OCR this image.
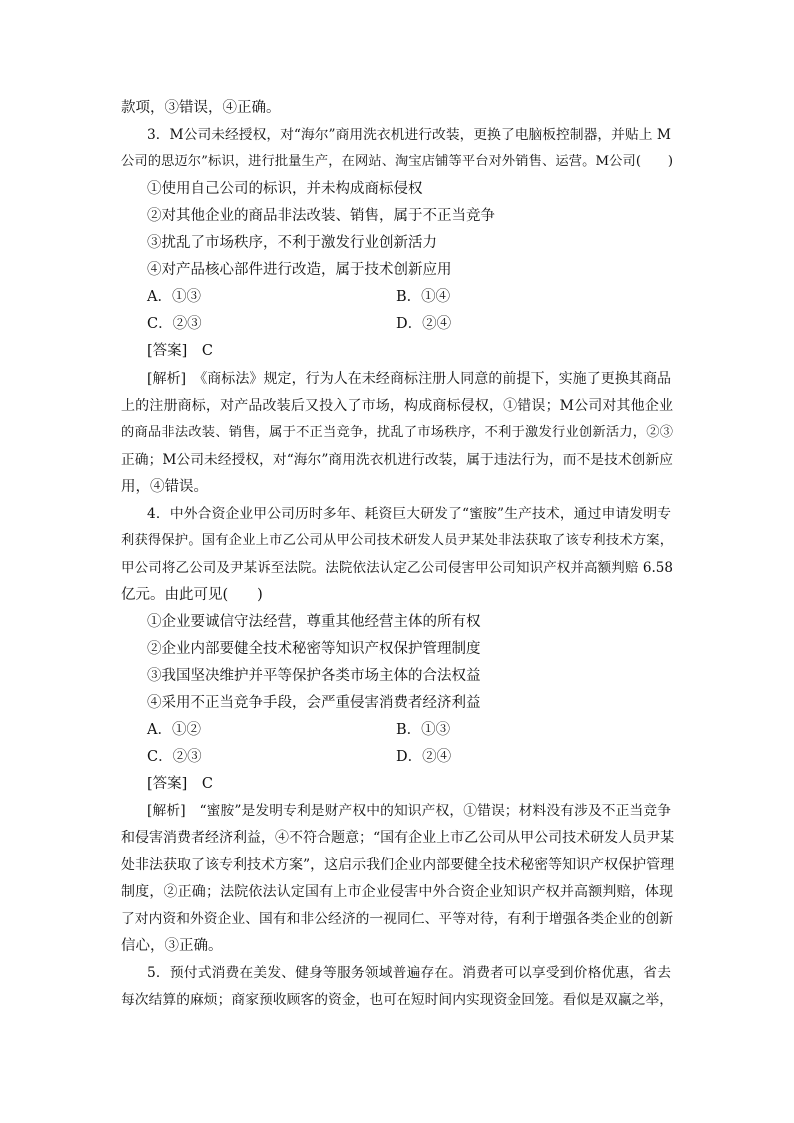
款项，③错误，④正确。
3．M公司未经授权，对“海尔”商用洗衣机进行改装，更换了电脑板控制器，并贴上 M
公司的思迈尔”标识，进行批量生产，在网站、淘宝店铺等平台对外销售、运营。M公司(　　)
①使用自己公司的标识，并未构成商标侵权
②对其他企业的商品非法改装、销售，属于不正当竞争
③扰乱了市场秩序，不利于激发行业创新活力
④对产品核心部件进行改造，属于技术创新应用
A．①③	B．①④
C．②③	D．②④
[答案]　C
[解析]　《商标法》规定，行为人在未经商标注册人同意的前提下，实施了更换其商品
上的注册商标，对产品改装后又投入了市场，构成商标侵权，①错误；M公司对其他企业
的商品非法改装、销售，属于不正当竞争，扰乱了市场秩序，不利于激发行业创新活力，②③
正确；M公司未经授权，对“海尔”商用洗衣机进行改装，属于违法行为，而不是技术创新应
用，④错误。
4．中外合资企业甲公司历时多年、耗资巨大研发了“蜜胺”生产技术，通过申请发明专
利获得保护。国有企业上市乙公司从甲公司技术研发人员尹某处非法获取了该专利技术方案，
甲公司将乙公司及尹某诉至法院。法院依法认定乙公司侵害甲公司知识产权并高额判赔 6.58
亿元。由此可见(　　)
①企业要诚信守法经营，尊重其他经营主体的所有权
②企业内部要健全技术秘密等知识产权保护管理制度
③我国坚决维护并平等保护各类市场主体的合法权益
④采用不正当竞争手段，会严重侵害消费者经济利益
A．①②	B．①③
C．②③	D．②④
[答案]　C
[解析]　“蜜胺”是发明专利是财产权中的知识产权，①错误；材料没有涉及不正当竞争
和侵害消费者经济利益，④不符合题意；“国有企业上市乙公司从甲公司技术研发人员尹某
处非法获取了该专利技术方案”，这启示我们企业内部要健全技术秘密等知识产权保护管理
制度，②正确；法院依法认定国有上市企业侵害中外合资企业知识产权并高额判赔，体现
了对内资和外资企业、国有和非公经济的一视同仁、平等对待，有利于增强各类企业的创新
信心，③正确。
5．预付式消费在美发、健身等服务领域普遍存在。消费者可以享受到价格优惠，省去
每次结算的麻烦；商家预收顾客的资金，也可在短时间内实现资金回笼。看似是双赢之举，
